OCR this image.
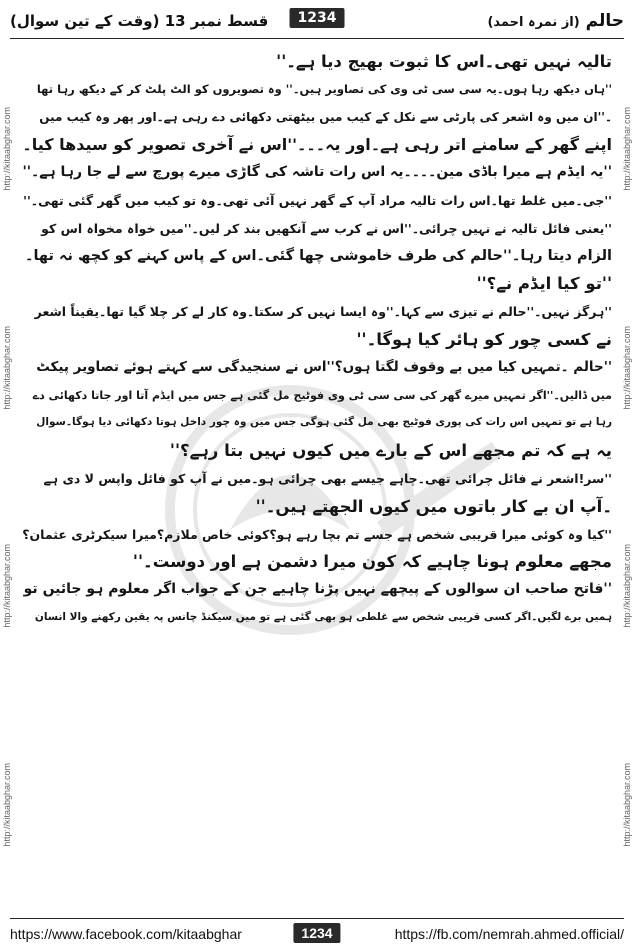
قسط نمبر 13 (وقت کے تین سوال)	1234	حالم (از نمرہ احمد)
http://kitaabghar.com
http://kitaabghar.com
http://kitaabghar.com
http://kitaabghar.com
http://kitaabghar.com
http://kitaabghar.com
http://kitaabghar.com
http://kitaabghar.com
تالیہ نہیں تھی۔اس کا ثبوت بھیج دیا ہے۔''
''ہاں دیکھ رہا ہوں۔یہ سی سی ٹی وی کی تصاویر ہیں۔'' وہ تصویروں کو الٹ پلٹ کر کے دیکھ رہا تھا
۔''ان میں وہ اشعر کی پارٹی سے نکل کے کیب میں بیٹھتی دکھائی دے رہی ہے۔اور پھر وہ کیب میں
اپنے گھر کے سامنے اتر رہی ہے۔اور یہ۔۔۔''اس نے آخری تصویر کو سیدھا کیا۔
''یہ ایڈم ہے میرا باڈی مین۔۔۔۔یہ اس رات تاشہ کی گاڑی میرے پورچ سے لے جا رہا ہے۔''
''جی۔میں غلط تھا۔اس رات تالیہ مراد آپ کے گھر نہیں آئی تھی۔وہ تو کیب میں گھر گئی تھی۔''
''یعنی فائل تالیہ نے نہیں چرائی۔''اس نے کرب سے آنکھیں بند کر لیں۔''میں خواہ مخواہ اس کو
الزام دیتا رہا۔''حالم کی طرف خاموشی چھا گئی۔اس کے پاس کہنے کو کچھ نہ تھا۔
''تو کیا ایڈم نے؟''
''ہرگز نہیں۔''حالم نے تیزی سے کہا۔''وہ ایسا نہیں کر سکتا۔وہ کار لے کر چلا گیا تھا۔یقیناً اشعر
نے کسی چور کو ہائر کیا ہوگا۔''
''حالم ۔تمہیں کیا میں بے وقوف لگتا ہوں؟''اس نے سنجیدگی سے کہتے ہوئے تصاویر پیکٹ
میں ڈالیں۔''اگر تمہیں میرے گھر کی سی سی ٹی وی فوٹیج مل گئی ہے جس میں ایڈم آتا اور جاتا دکھائی دے
رہا ہے تو تمہیں اس رات کی پوری فوٹیج بھی مل گئی ہوگی جس میں وہ چور داخل ہوتا دکھائی دیا ہوگا۔سوال
یہ ہے کہ تم مجھے اس کے بارے میں کیوں نہیں بتا رہے؟''
''سر!اشعر نے فائل چرائی تھی۔چاہے جیسے بھی چرائی ہو۔میں نے آپ کو فائل واپس لا دی ہے
۔آپ ان بے کار باتوں میں کیوں الجھتے ہیں۔''
''کیا وہ کوئی میرا قریبی شخص ہے جسے تم بچا رہے ہو؟کوئی خاص ملازم؟میرا سیکرٹری عثمان؟
مجھے معلوم ہونا چاہیے کہ کون میرا دشمن ہے اور دوست۔''
''فاتح صاحب ان سوالوں کے پیچھے نہیں پڑنا چاہیے جن کے جواب اگر معلوم ہو جائیں تو
ہمیں برے لگیں۔اگر کسی قریبی شخص سے غلطی ہو بھی گئی ہے تو میں سیکنڈ چانس پہ یقین رکھنے والا انسان
https://www.facebook.com/kitaabghar	1234	https://fb.com/nemrah.ahmed.official/
